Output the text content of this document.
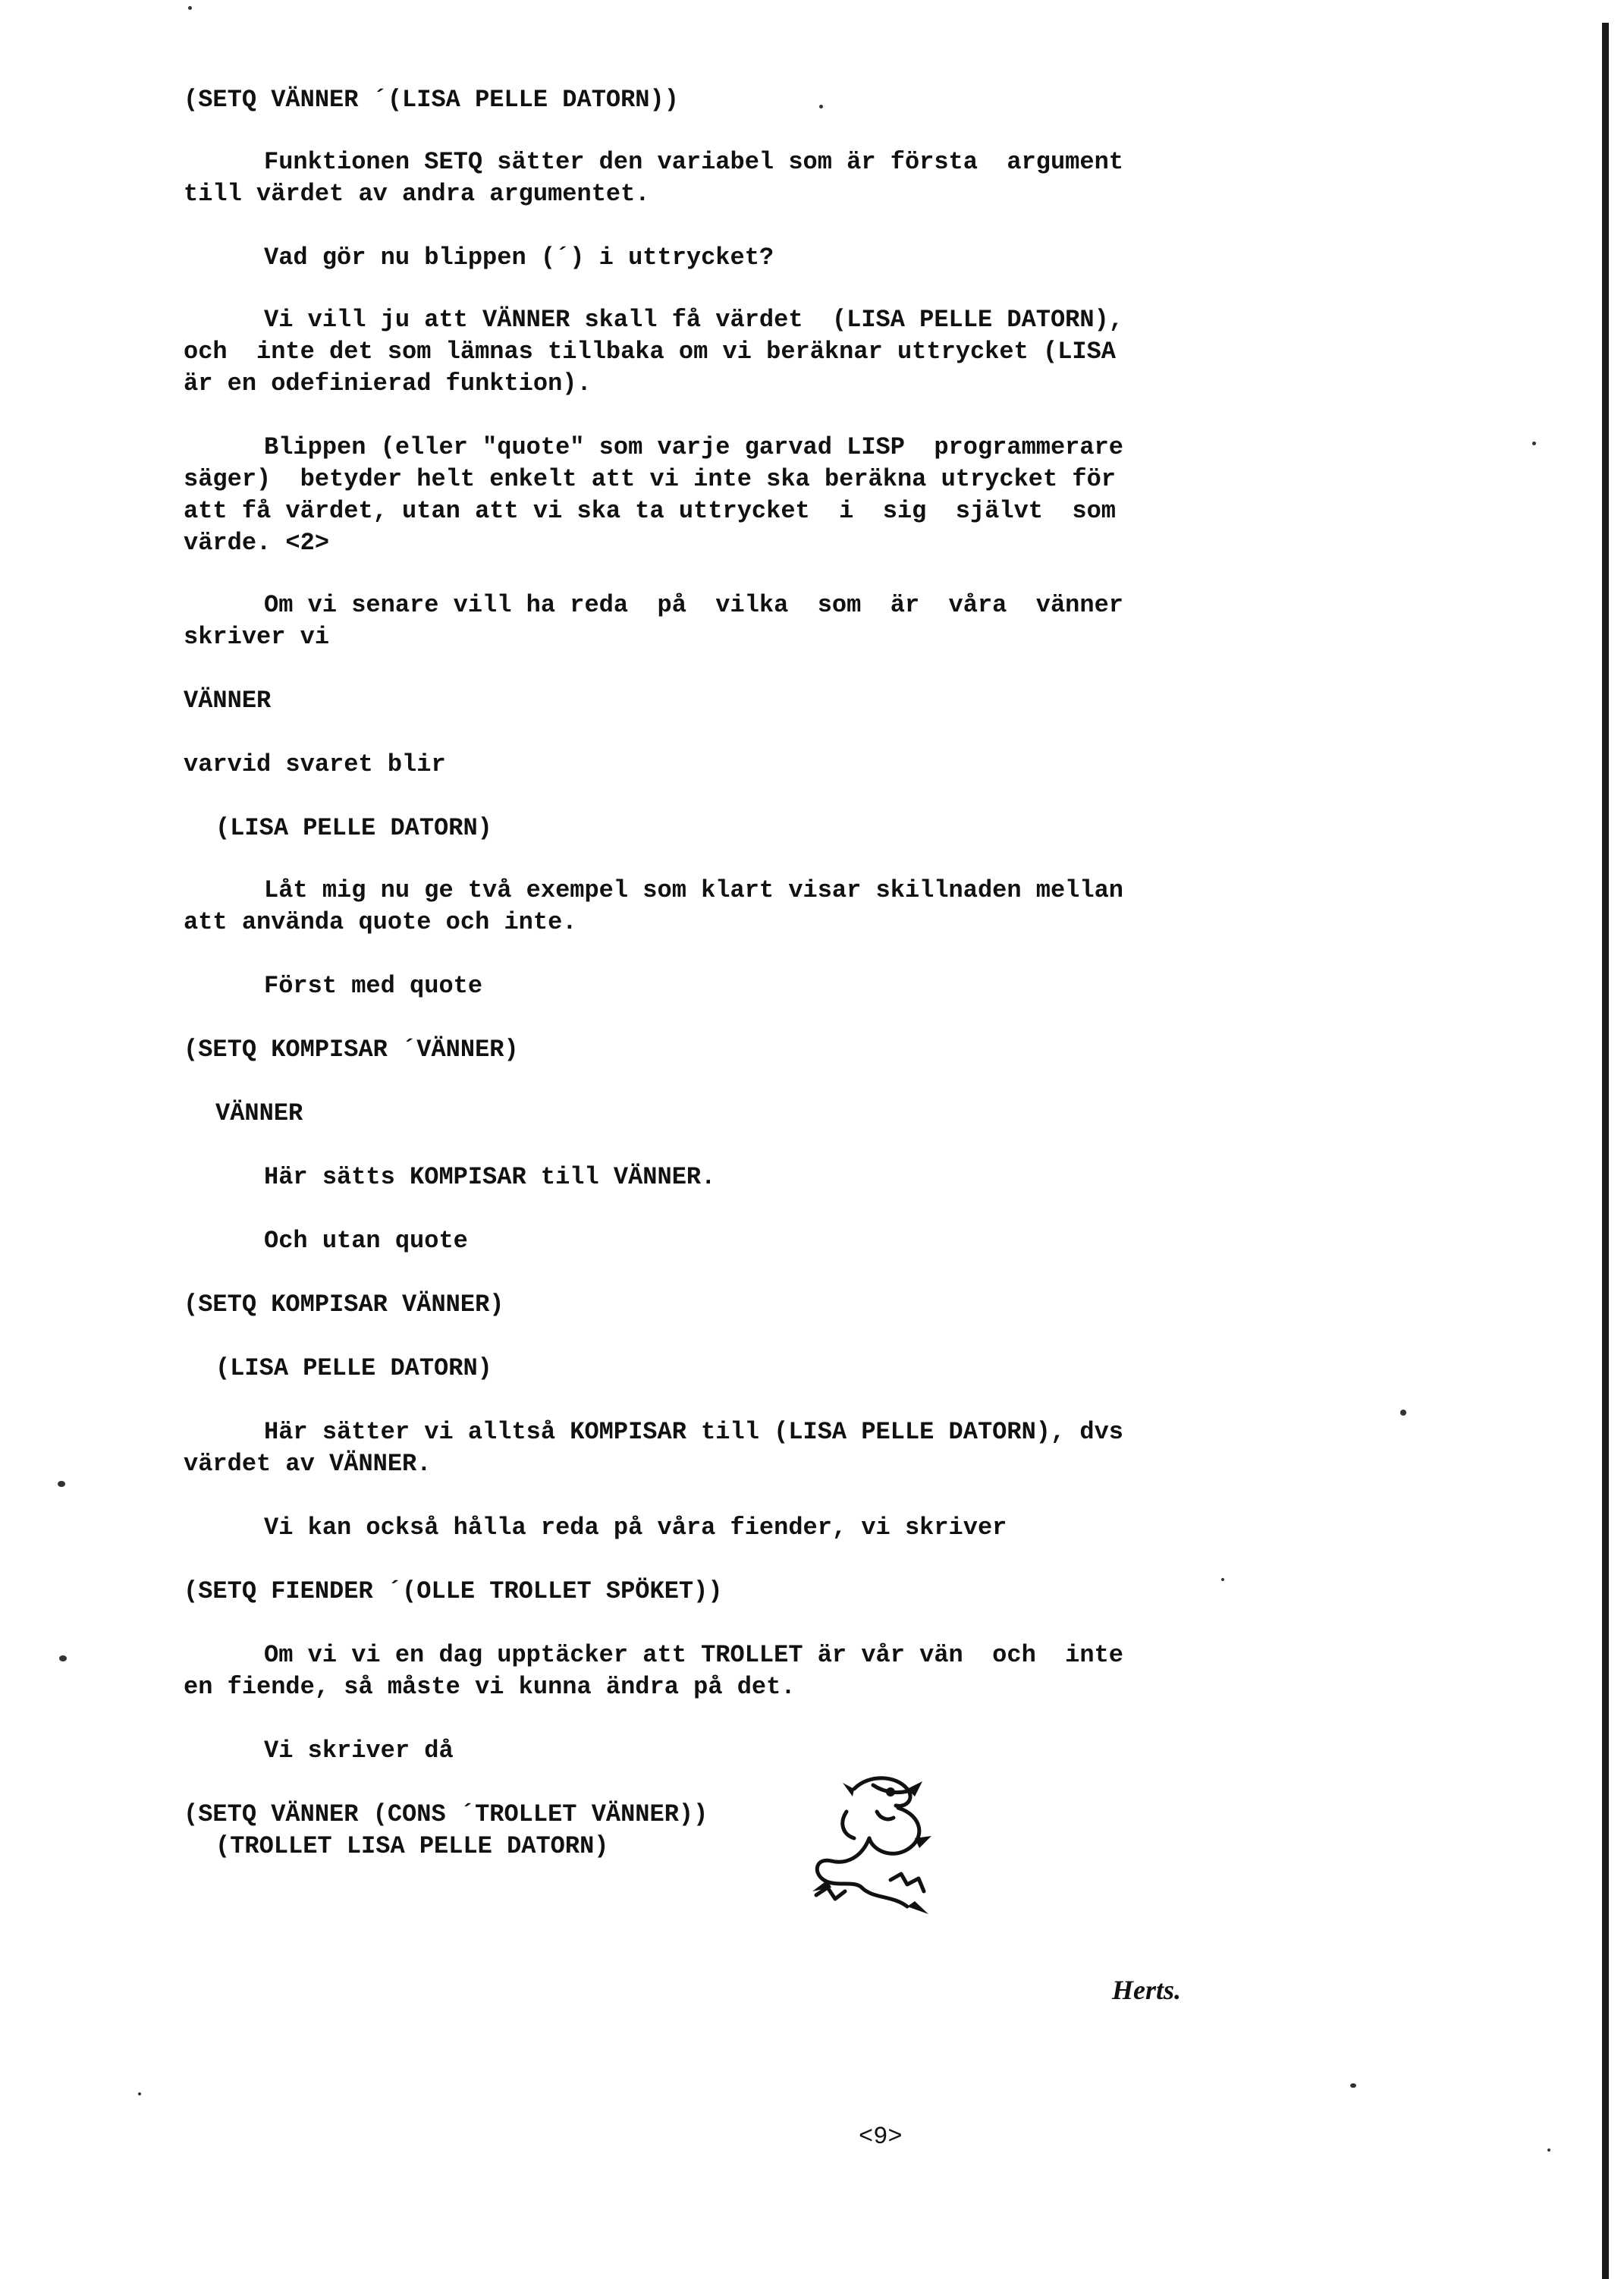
(SETQ VÄNNER ´(LISA PELLE DATORN))
Funktionen SETQ sätter den variabel som är första  argument
till värdet av andra argumentet.
Vad gör nu blippen (´) i uttrycket?
Vi vill ju att VÄNNER skall få värdet  (LISA PELLE DATORN),
och  inte det som lämnas tillbaka om vi beräknar uttrycket (LISA
är en odefinierad funktion).
Blippen (eller "quote" som varje garvad LISP  programmerare
säger)  betyder helt enkelt att vi inte ska beräkna utrycket för
att få värdet, utan att vi ska ta uttrycket  i  sig  självt  som
värde. <2>
Om vi senare vill ha reda  på  vilka  som  är  våra  vänner
skriver vi
VÄNNER
varvid svaret blir
(LISA PELLE DATORN)
Låt mig nu ge två exempel som klart visar skillnaden mellan
att använda quote och inte.
Först med quote
(SETQ KOMPISAR ´VÄNNER)
VÄNNER
Här sätts KOMPISAR till VÄNNER.
Och utan quote
(SETQ KOMPISAR VÄNNER)
(LISA PELLE DATORN)
Här sätter vi alltså KOMPISAR till (LISA PELLE DATORN), dvs
värdet av VÄNNER.
Vi kan också hålla reda på våra fiender, vi skriver
(SETQ FIENDER ´(OLLE TROLLET SPÖKET))
Om vi vi en dag upptäcker att TROLLET är vår vän  och  inte
en fiende, så måste vi kunna ändra på det.
Vi skriver då
(SETQ VÄNNER (CONS ´TROLLET VÄNNER))
(TROLLET LISA PELLE DATORN)
Herts.
<9>
